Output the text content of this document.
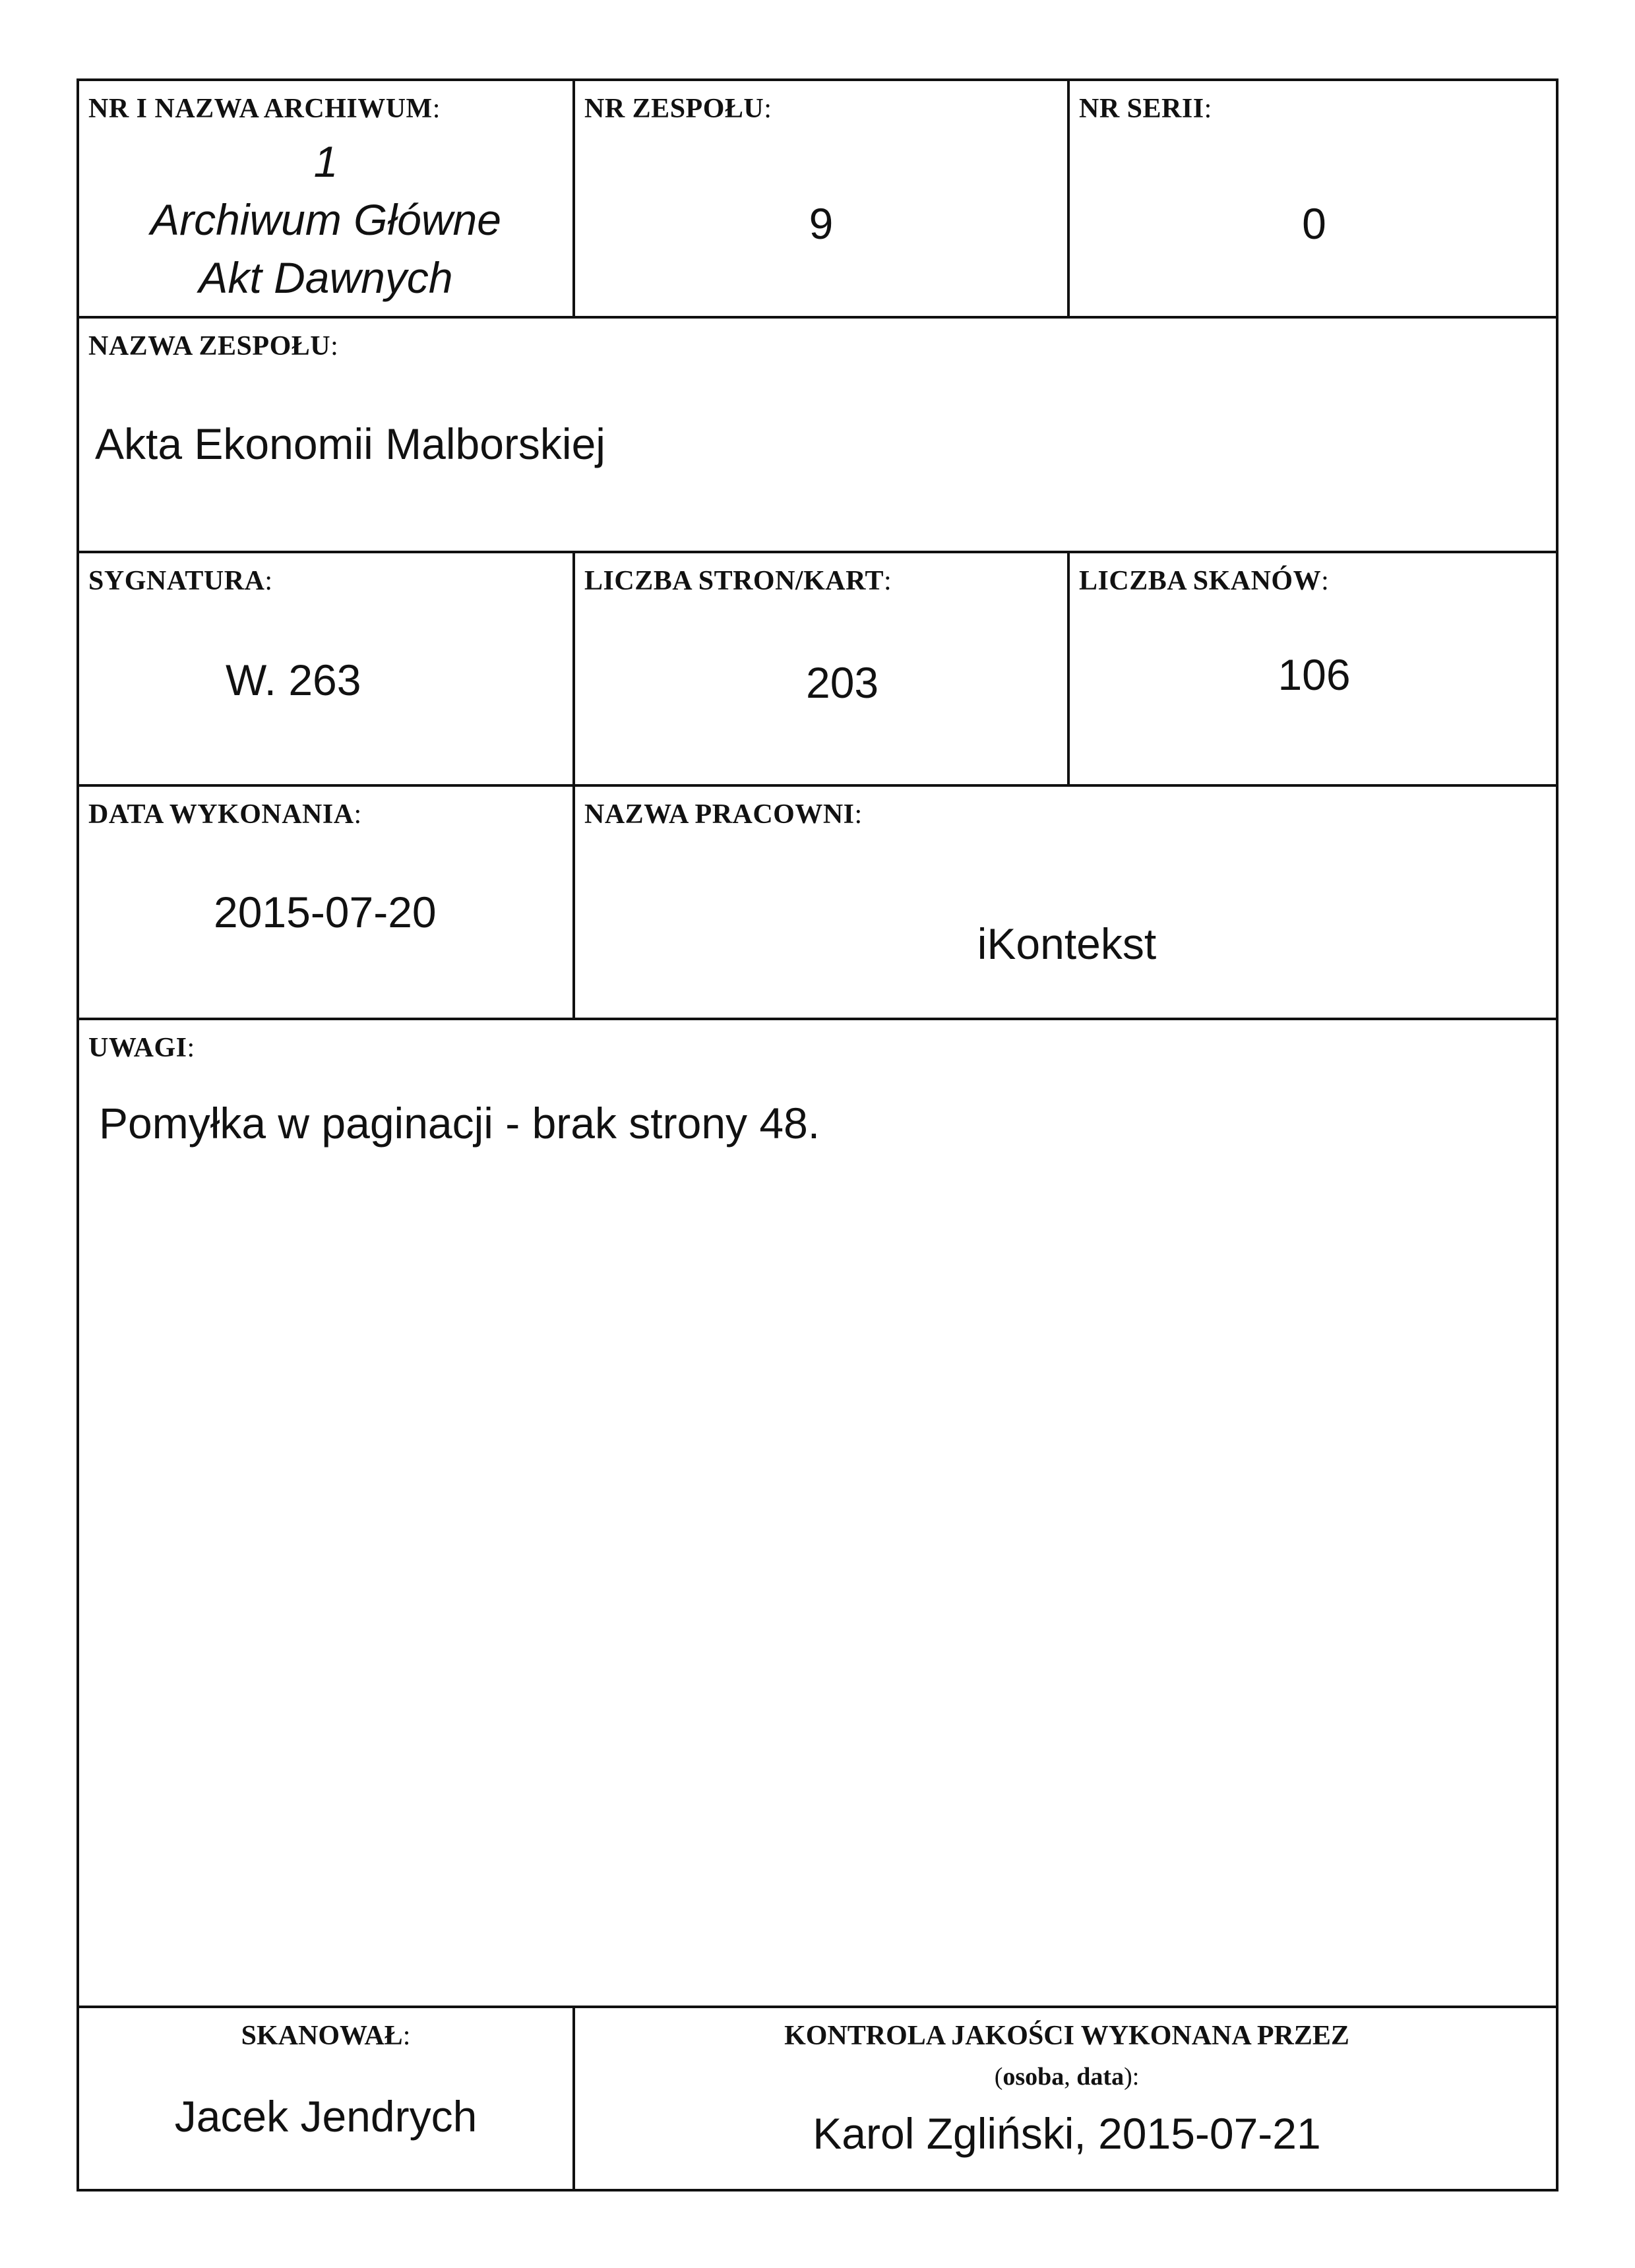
NR I NAZWA ARCHIWUM:
1
Archiwum Główne
Akt Dawnych
NR ZESPOŁU:
9
NR SERII:
0
NAZWA ZESPOŁU:
Akta Ekonomii Malborskiej
SYGNATURA:
W. 263
LICZBA STRON/KART:
203
LICZBA SKANÓW:
106
DATA WYKONANIA:
2015-07-20
NAZWA PRACOWNI:
iKontekst
UWAGI:
Pomyłka w paginacji - brak strony 48.
SKANOWAŁ:
Jacek Jendrych
KONTROLA JAKOŚCI WYKONANA PRZEZ
(osoba, data):
Karol Zgliński, 2015-07-21
